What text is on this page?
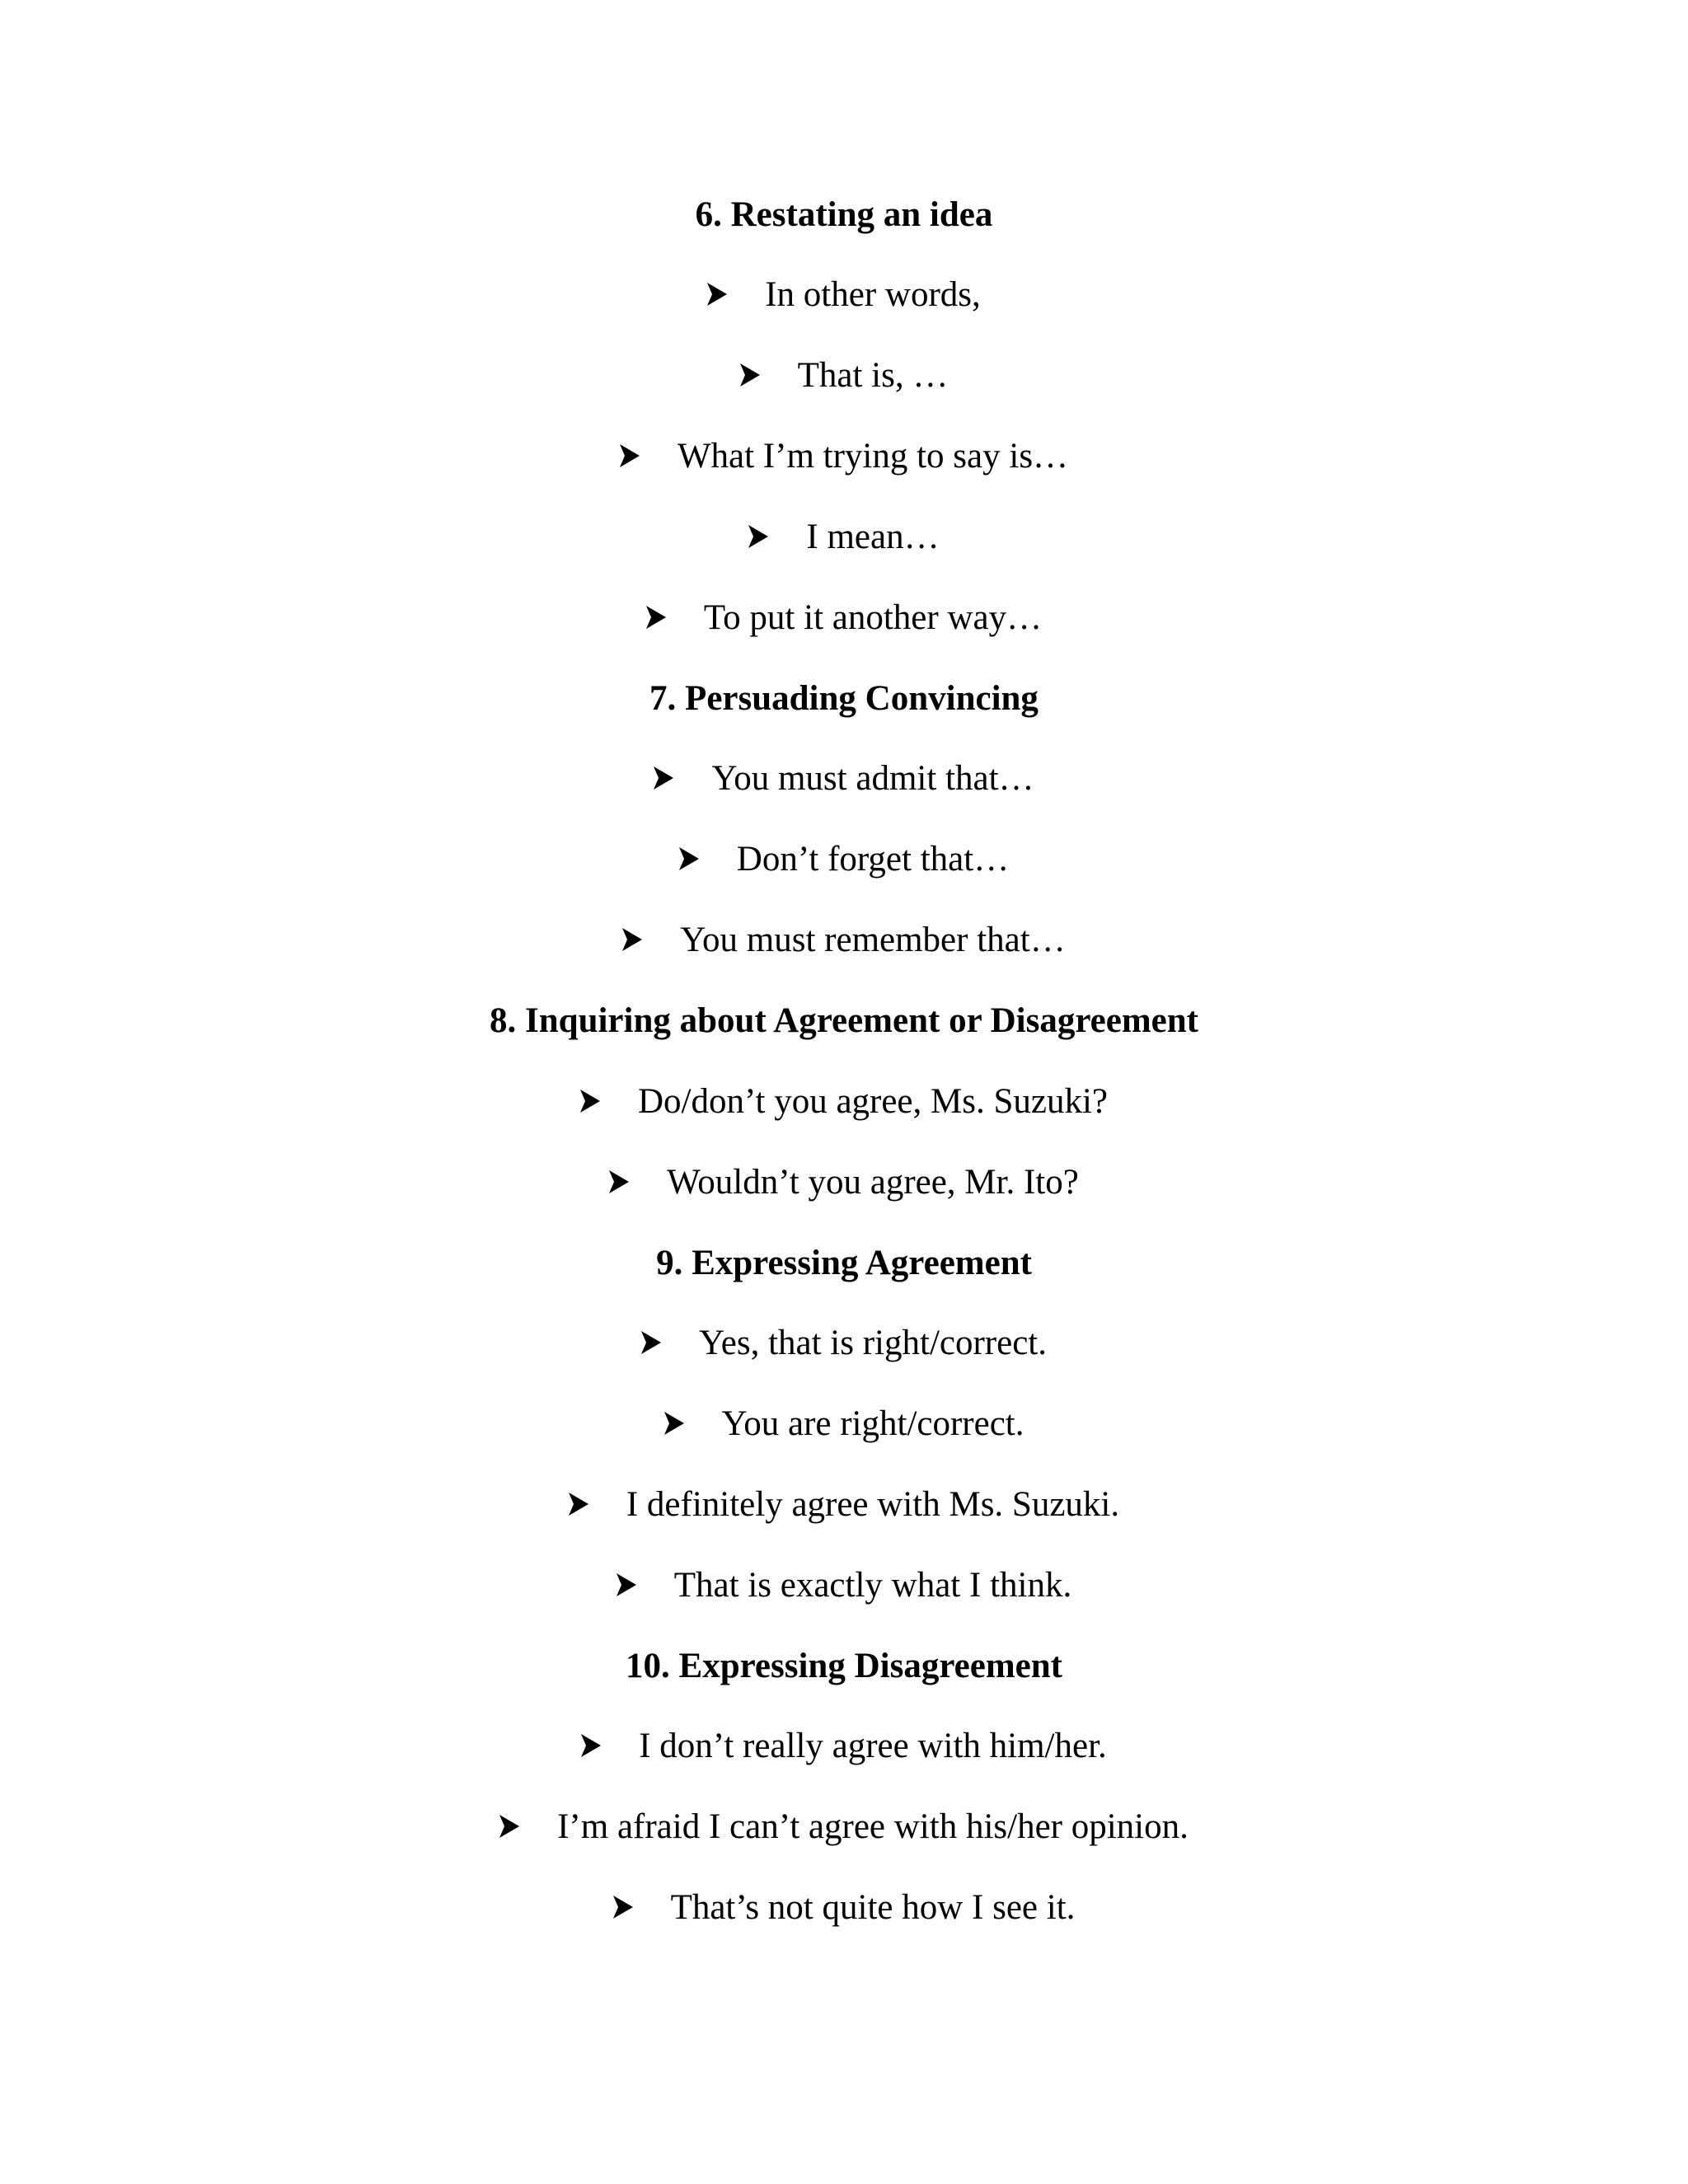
6. Restating an idea
In other words,
That is, …
What I’m trying to say is…
I mean…
To put it another way…
7. Persuading Convincing
You must admit that…
Don’t forget that…
You must remember that…
8. Inquiring about Agreement or Disagreement
Do/don’t you agree, Ms. Suzuki?
Wouldn’t you agree, Mr. Ito?
9. Expressing Agreement
Yes, that is right/correct.
You are right/correct.
I definitely agree with Ms. Suzuki.
That is exactly what I think.
10. Expressing Disagreement
I don’t really agree with him/her.
I’m afraid I can’t agree with his/her opinion.
That’s not quite how I see it.
